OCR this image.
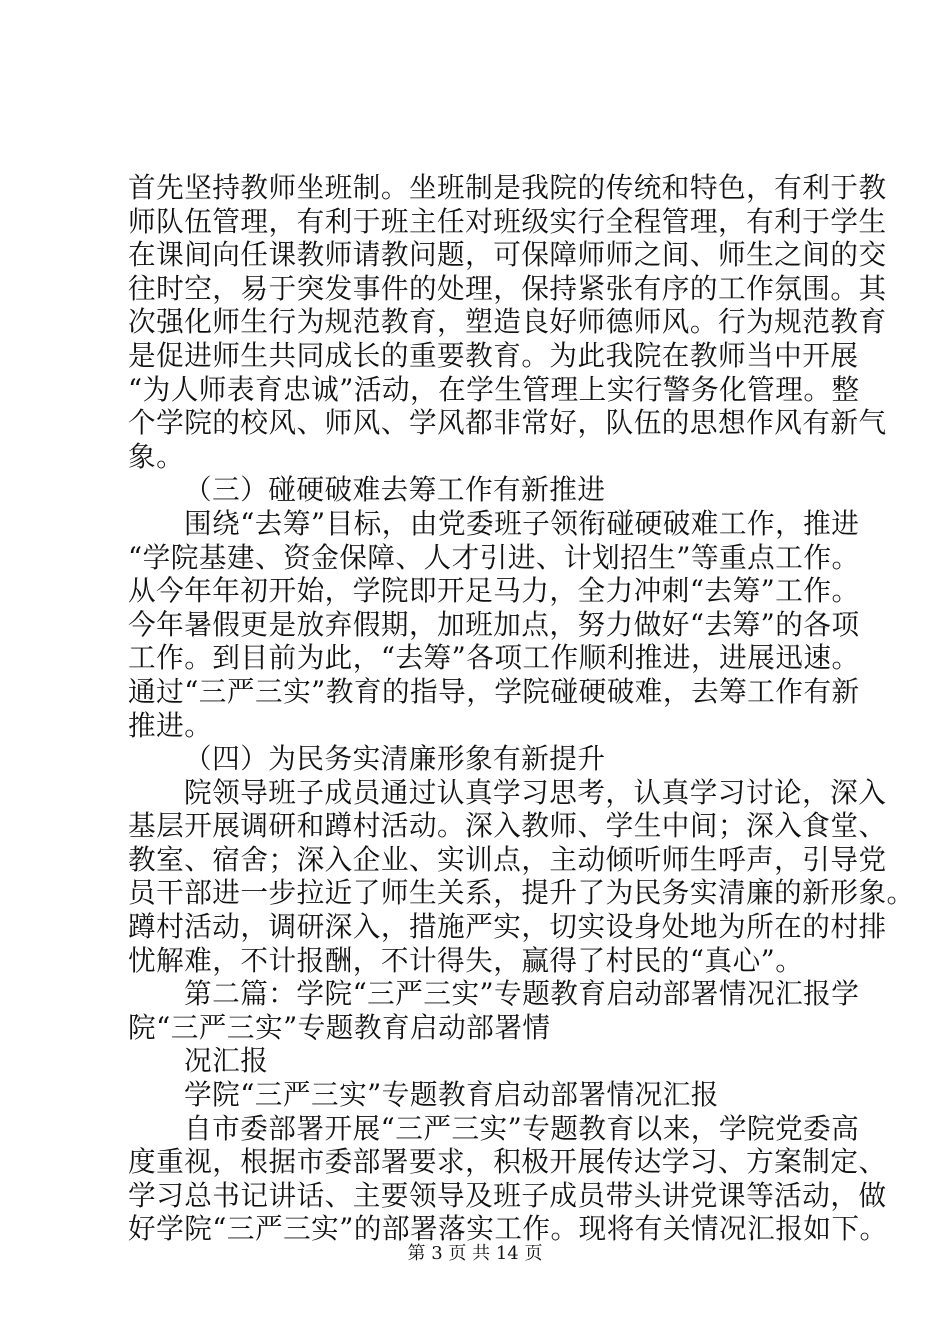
首先坚持教师坐班制。坐班制是我院的传统和特色，有利于教
师队伍管理，有利于班主任对班级实行全程管理，有利于学生
在课间向任课教师请教问题，可保障师师之间、师生之间的交
往时空，易于突发事件的处理，保持紧张有序的工作氛围。其
次强化师生行为规范教育，塑造良好师德师风。行为规范教育
是促进师生共同成长的重要教育。为此我院在教师当中开展
“为人师表育忠诚”活动，在学生管理上实行警务化管理。整
个学院的校风、师风、学风都非常好，队伍的思想作风有新气
象。
（三）碰硬破难去筹工作有新推进
围绕“去筹”目标，由党委班子领衔碰硬破难工作，推进
“学院基建、资金保障、人才引进、计划招生”等重点工作。
从今年年初开始，学院即开足马力，全力冲刺“去筹”工作。
今年暑假更是放弃假期，加班加点，努力做好“去筹”的各项
工作。到目前为此，“去筹”各项工作顺利推进，进展迅速。
通过“三严三实”教育的指导，学院碰硬破难，去筹工作有新
推进。
（四）为民务实清廉形象有新提升
院领导班子成员通过认真学习思考，认真学习讨论，深入
基层开展调研和蹲村活动。深入教师、学生中间；深入食堂、
教室、宿舍；深入企业、实训点，主动倾听师生呼声，引导党
员干部进一步拉近了师生关系，提升了为民务实清廉的新形象。
蹲村活动，调研深入，措施严实，切实设身处地为所在的村排
忧解难，不计报酬，不计得失，赢得了村民的“真心”。
第二篇：学院“三严三实”专题教育启动部署情况汇报学
院“三严三实”专题教育启动部署情
况汇报
学院“三严三实”专题教育启动部署情况汇报
自市委部署开展“三严三实”专题教育以来，学院党委高
度重视，根据市委部署要求，积极开展传达学习、方案制定、
学习总书记讲话、主要领导及班子成员带头讲党课等活动，做
好学院“三严三实”的部署落实工作。现将有关情况汇报如下。
第 3 页 共 14 页
